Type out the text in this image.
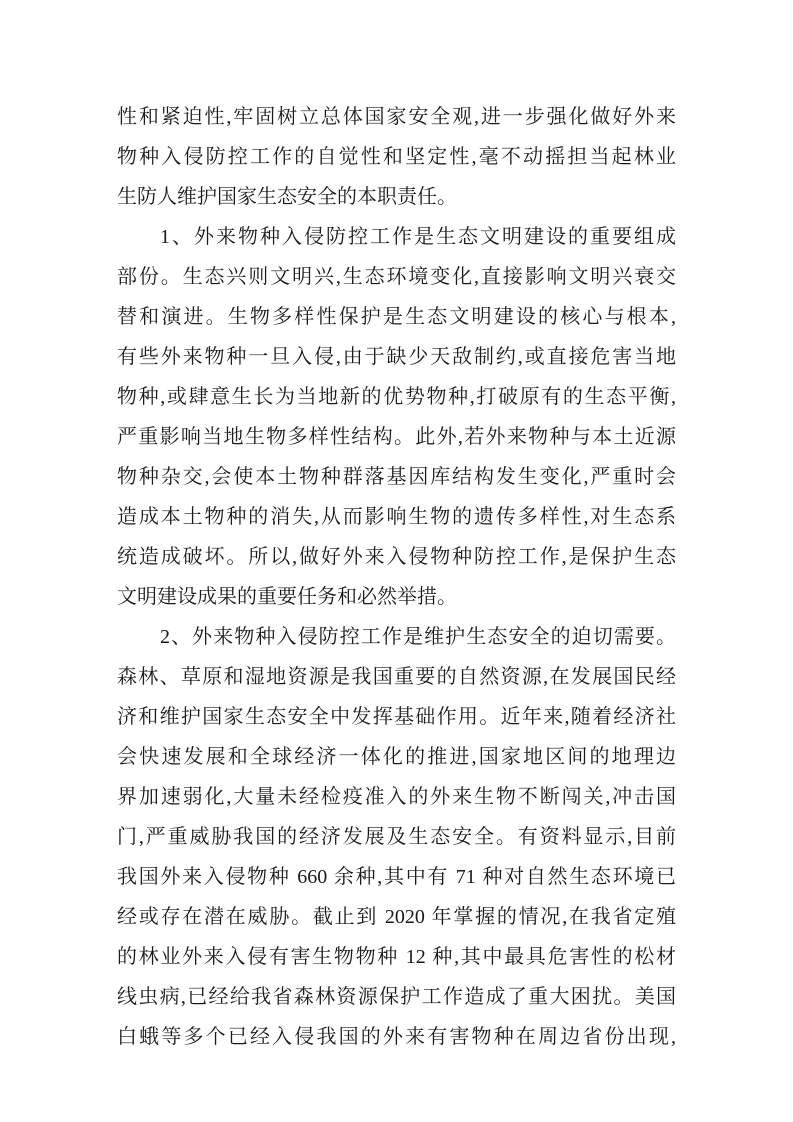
性和紧迫性,牢固树立总体国家安全观,进一步强化做好外来
物种入侵防控工作的自觉性和坚定性,毫不动摇担当起林业
生防人维护国家生态安全的本职责任。
1、外来物种入侵防控工作是生态文明建设的重要组成
部份。生态兴则文明兴,生态环境变化,直接影响文明兴衰交
替和演进。生物多样性保护是生态文明建设的核心与根本,
有些外来物种一旦入侵,由于缺少天敌制约,或直接危害当地
物种,或肆意生长为当地新的优势物种,打破原有的生态平衡,
严重影响当地生物多样性结构。此外,若外来物种与本土近源
物种杂交,会使本土物种群落基因库结构发生变化,严重时会
造成本土物种的消失,从而影响生物的遗传多样性,对生态系
统造成破坏。所以,做好外来入侵物种防控工作,是保护生态
文明建设成果的重要任务和必然举措。
2、外来物种入侵防控工作是维护生态安全的迫切需要。
森林、草原和湿地资源是我国重要的自然资源,在发展国民经
济和维护国家生态安全中发挥基础作用。近年来,随着经济社
会快速发展和全球经济一体化的推进,国家地区间的地理边
界加速弱化,大量未经检疫准入的外来生物不断闯关,冲击国
门,严重威胁我国的经济发展及生态安全。有资料显示,目前
我国外来入侵物种 660 余种,其中有 71 种对自然生态环境已
经或存在潜在威胁。截止到 2020 年掌握的情况,在我省定殖
的林业外来入侵有害生物物种 12 种,其中最具危害性的松材
线虫病,已经给我省森林资源保护工作造成了重大困扰。美国
白蛾等多个已经入侵我国的外来有害物种在周边省份出现,
